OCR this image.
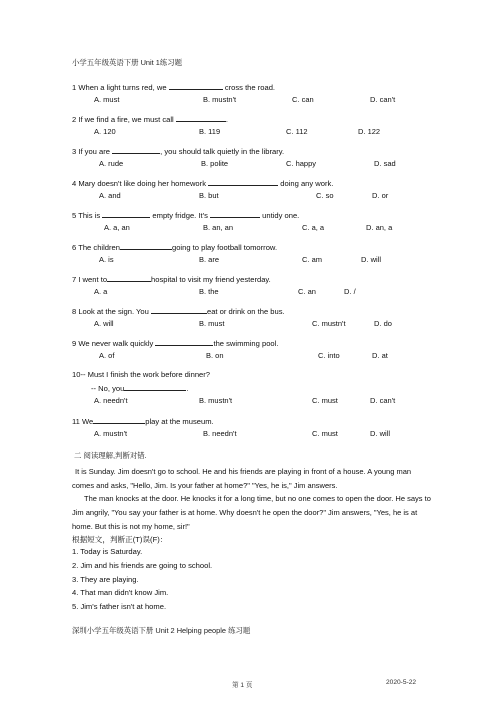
小学五年级英语下册 Unit 1练习题
1 When a light turns red, we	cross the road.
A. must	B. mustn't	C. can	D. can't
2 If we find a fire, we must call	.
A. 120	B. 119	C. 112	D. 122
3 If you are	, you should talk quietly in the library.
A. rude	B. polite	C. happy	D. sad
4 Mary doesn't like doing her homework	doing any work.
A. and	B. but	C. so	D. or
5 This is	empty fridge. It's	untidy one.
A. a, an	B. an, an	C. a, a	D. an, a
6 The children	going to play football tomorrow.
A. is	B. are	C. am	D. will
7 I went to	hospital to visit my friend yesterday.
A. a	B. the	C. an	D. /
8 Look at the sign. You	eat or drink on the bus.
A. will	B. must	C. mustn't	D. do
9 We never walk quickly	the swimming pool.
A. of	B. on	C. into	D. at
10-- Must I finish the work before dinner?
-- No, you	.
A. needn't	B. mustn't	C. must	D. can't
11 We	play at the museum.
A. mustn't	B. needn't	C. must	D. will
二 阅读理解,判断对错.
It is Sunday. Jim doesn't go to school. He and his friends are playing in front of a house. A young man comes and asks, "Hello, Jim. Is your father at home?" "Yes, he is," Jim answers.
The man knocks at the door. He knocks it for a long time, but no one comes to open the door. He says to Jim angrily, "You say your father is at home. Why doesn't he open the door?" Jim answers, "Yes, he is at home. But this is not my home, sir!"
根据短文，判断正(T)误(F)：
1. Today is Saturday.
2. Jim and his friends are going to school.
3. They are playing.
4. That man didn't know Jim.
5. Jim's father isn't at home.
深圳小学五年级英语下册 Unit 2 Helping people 练习题
第 1 页	2020-5-22
